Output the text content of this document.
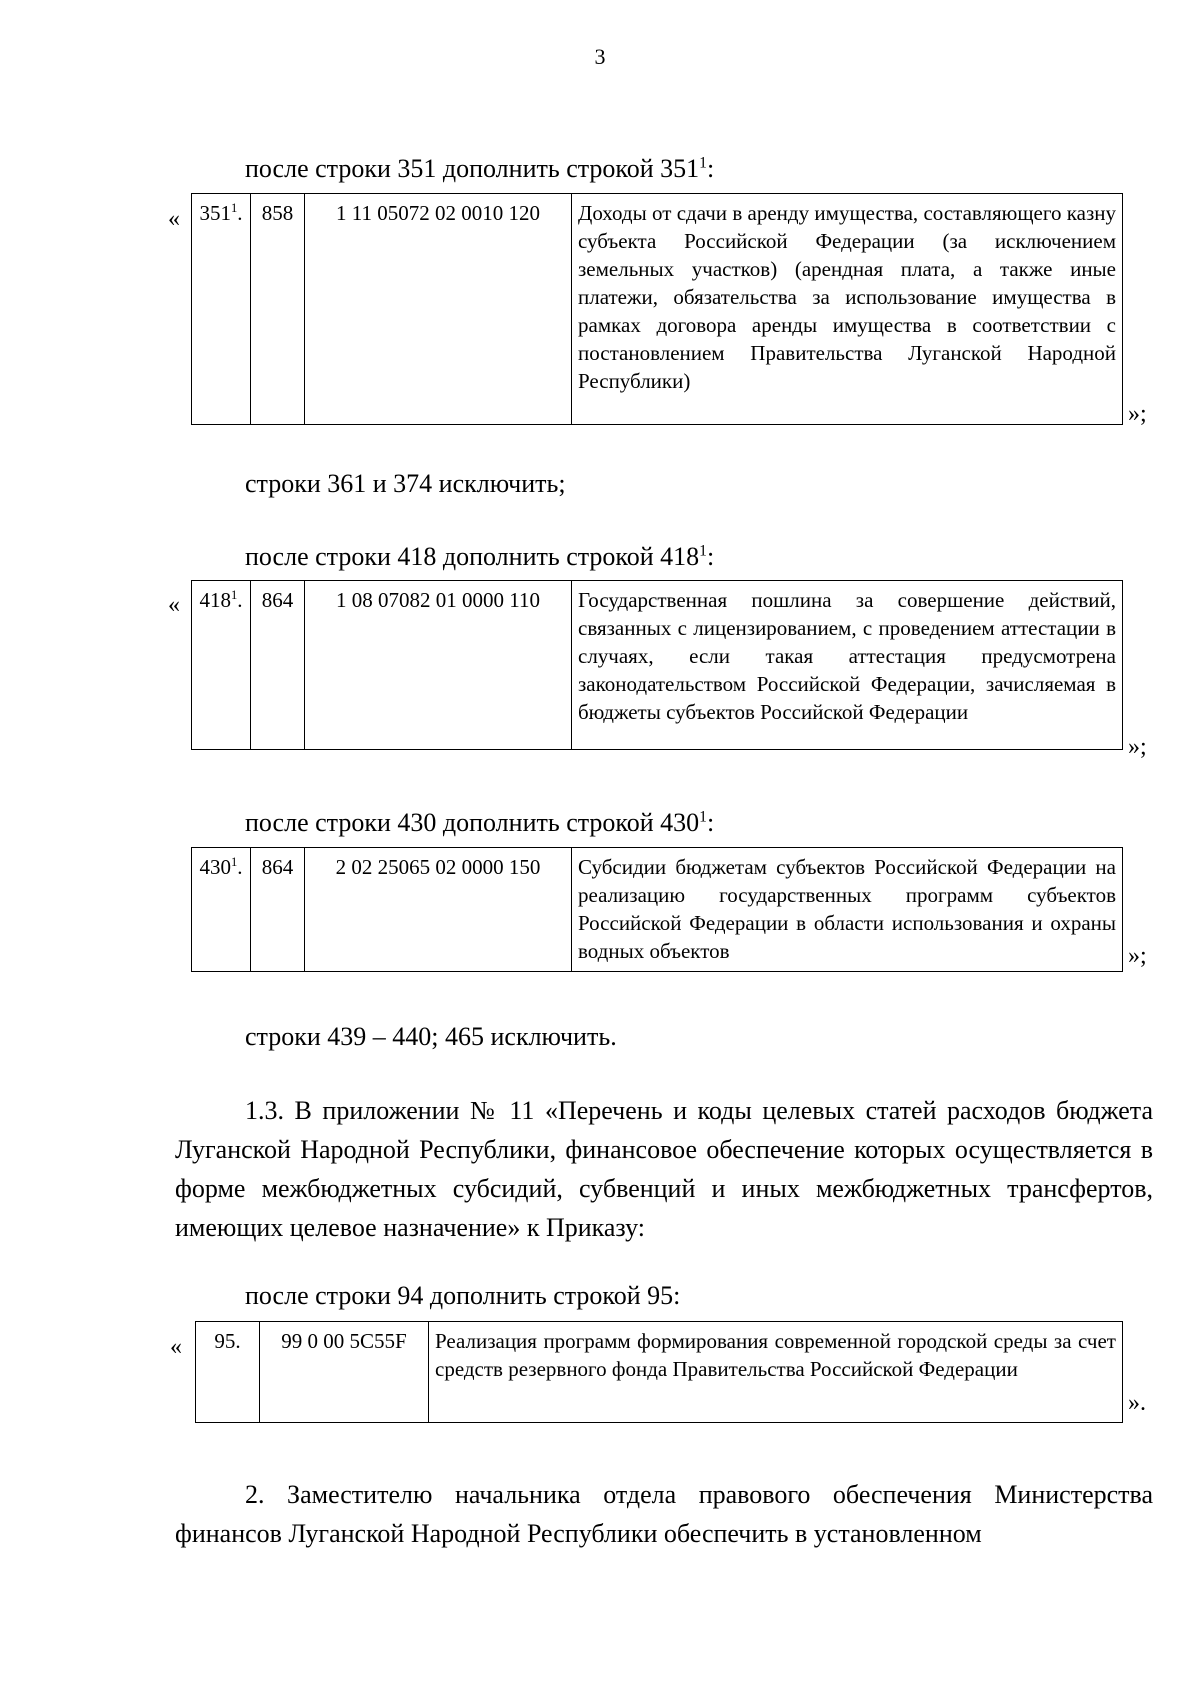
3
после строки 351 дополнить строкой $351^1$:
« $351^1$.	858	1 11 05072 02 0010 120	Доходы от сдачи в аренду имущества, составляющего казну субъекта Российской Федерации (за исключением земельных участков) (арендная плата, а также иные платежи, обязательства за использование имущества в рамках договора аренды имущества в соответствии с постановлением Правительства Луганской Народной Республики)
»;
строки 361 и 374 исключить;
после строки 418 дополнить строкой $418^1$:
« $418^1$.	864	1 08 07082 01 0000 110	Государственная пошлина за совершение действий, связанных с лицензированием, с проведением аттестации в случаях, если такая аттестация предусмотрена законодательством Российской Федерации, зачисляемая в бюджеты субъектов Российской Федерации
»;
после строки 430 дополнить строкой $430^1$:
$430^1$.	864	2 02 25065 02 0000 150	Субсидии бюджетам субъектов Российской Федерации на реализацию государственных программ субъектов Российской Федерации в области использования и охраны водных объектов	»;
строки 439 – 440; 465 исключить.
1.3. В приложении № 11 «Перечень и коды целевых статей расходов бюджета Луганской Народной Республики, финансовое обеспечение которых осуществляется в форме межбюджетных субсидий, субвенций и иных межбюджетных трансфертов, имеющих целевое назначение» к Приказу:
после строки 94 дополнить строкой 95:
« 95.	99 0 00 5С55F	Реализация программ формирования современной городской среды за счет средств резервного фонда Правительства Российской Федерации
».
2. Заместителю начальника отдела правового обеспечения Министерства финансов Луганской Народной Республики обеспечить в установленном
